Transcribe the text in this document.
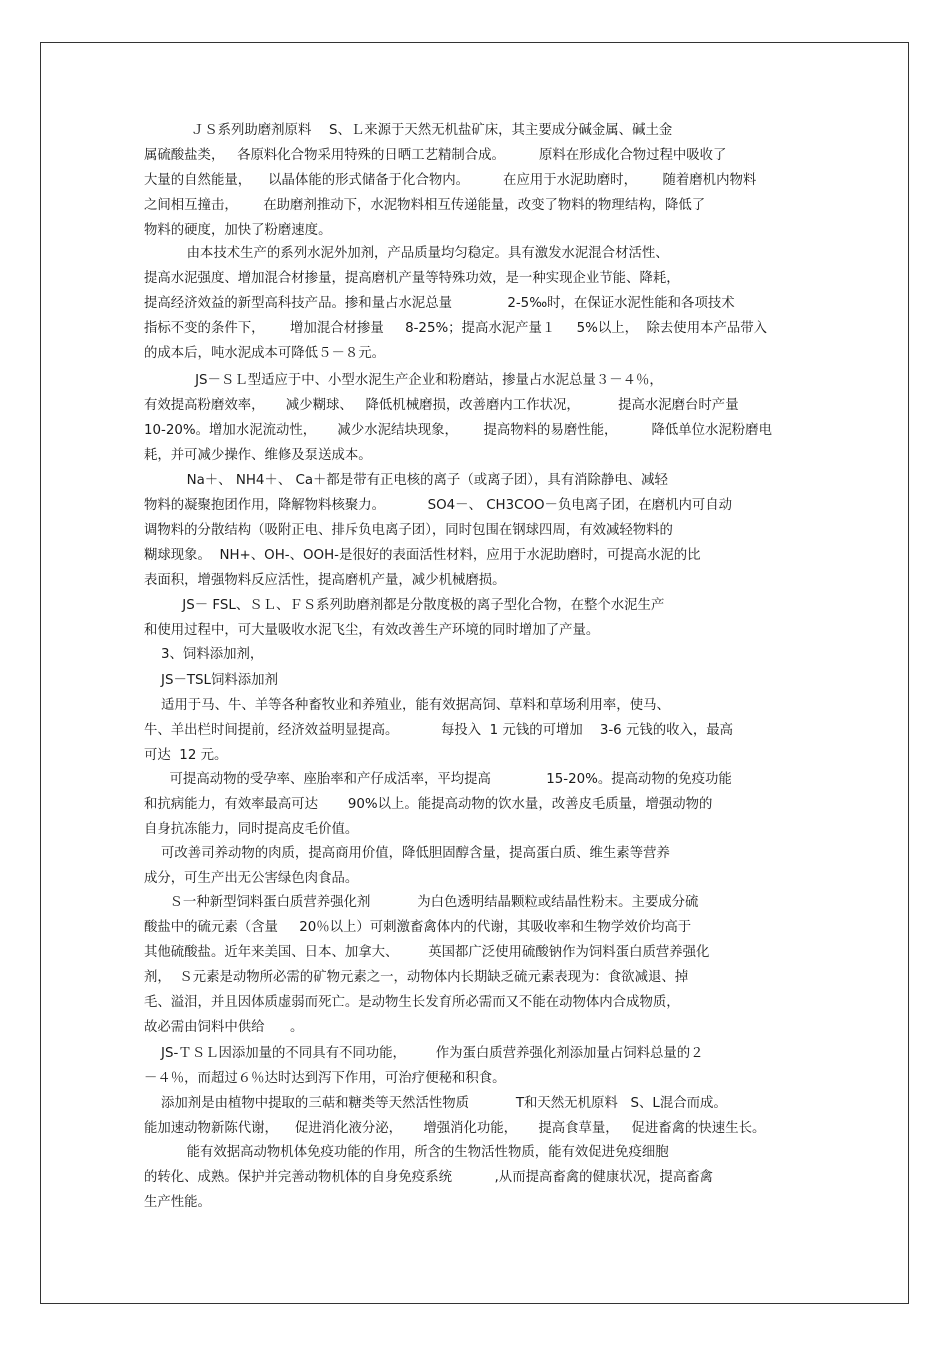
ＪＳ系列助磨剂原料　 S、Ｌ来源于天然无机盐矿床，其主要成分碱金属、碱土金
属硫酸盐类，   各原料化合物采用特殊的日晒工艺精制合成。        原料在形成化合物过程中吸收了
大量的自然能量，    以晶体能的形式储备于化合物内。        在应用于水泥助磨时，      随着磨机内物料
之间相互撞击，      在助磨剂推动下，水泥物料相互传递能量，改变了物料的物理结构，降低了
物料的硬度，加快了粉磨速度。
由本技术生产的系列水泥外加剂，产品质量均匀稳定。具有激发水泥混合材活性、
提高水泥强度、增加混合材掺量，提高磨机产量等特殊功效，是一种实现企业节能、降耗，
提高经济效益的新型高科技产品。掺和量占水泥总量             2-5‰时，在保证水泥性能和各项技术
指标不变的条件下，      增加混合材掺量     8-25%；提高水泥产量１     5%以上，  除去使用本产品带入
的成本后，吨水泥成本可降低５－８元。
JS－ＳＬ型适应于中、小型水泥生产企业和粉磨站，掺量占水泥总量３－４％，
有效提高粉磨效率，     减少糊球、   降低机械磨损，改善磨内工作状况，         提高水泥磨台时产量
10-20%。增加水泥流动性，     减少水泥结块现象，      提高物料的易磨性能，        降低单位水泥粉磨电
耗，并可减少操作、维修及泵送成本。
Na＋、 NH4＋、 Ca＋都是带有正电核的离子（或离子团），具有消除静电、减轻
物料的凝聚抱团作用，降解物料核聚力。          SO4－、 CH3COO－负电离子团，在磨机内可自动
调物料的分散结构（吸附正电、排斥负电离子团），同时包围在钢球四周，有效减轻物料的
糊球现象。  NH+、OH-、OOH-是很好的表面活性材料，应用于水泥助磨时，可提高水泥的比
表面积，增强物料反应活性，提高磨机产量，减少机械磨损。
JS－ FSL、ＳＬ、ＦＳ系列助磨剂都是分散度极的离子型化合物，在整个水泥生产
和使用过程中，可大量吸收水泥飞尘，有效改善生产环境的同时增加了产量。
3、饲料添加剂，
JS－TSL饲料添加剂
适用于马、牛、羊等各种畜牧业和养殖业，能有效据高饲、草料和草场利用率，使马、
牛、羊出栏时间提前，经济效益明显提高。          每投入  1 元钱的可增加    3-6 元钱的收入，最高
可达  12 元。
可提高动物的受孕率、座胎率和产仔成活率，平均提高             15-20%。提高动物的免疫功能
和抗病能力，有效率最高可达       90%以上。能提高动物的饮水量，改善皮毛质量，增强动物的
自身抗冻能力，同时提高皮毛价值。
可改善司养动物的肉质，提高商用价值，降低胆固醇含量，提高蛋白质、维生素等营养
成分，可生产出无公害绿色肉食品。
Ｓ一种新型饲料蛋白质营养强化剂           为白色透明结晶颗粒或结晶性粉末。主要成分硫
酸盐中的硫元素（含量     20％以上）可刺激畜禽体内的代谢，其吸收率和生物学效价均高于
其他硫酸盐。近年来美国、日本、加拿大、       英国都广泛使用硫酸钠作为饲料蛋白质营养强化
剂，  Ｓ元素是动物所必需的矿物元素之一，动物体内长期缺乏硫元素表现为：食欲减退、掉
毛、溢泪，并且因体质虚弱而死亡。是动物生长发育所必需而又不能在动物体内合成物质，
故必需由饲料中供给      。
JS-ＴＳＬ因添加量的不同具有不同功能，       作为蛋白质营养强化剂添加量占饲料总量的２
－４％，而超过６％达时达到泻下作用，可治疗便秘和积食。
添加剂是由植物中提取的三萜和糖类等天然活性物质           T和天然无机原料   S、L混合而成。
能加速动物新陈代谢，    促进消化液分泌，     增强消化功能，     提高食草量，   促进畜禽的快速生长。
能有效据高动物机体免疫功能的作用，所含的生物活性物质，能有效促进免疫细胞
的转化、成熟。保护并完善动物机体的自身免疫系统          ,从而提高畜禽的健康状况，提高畜禽
生产性能。
